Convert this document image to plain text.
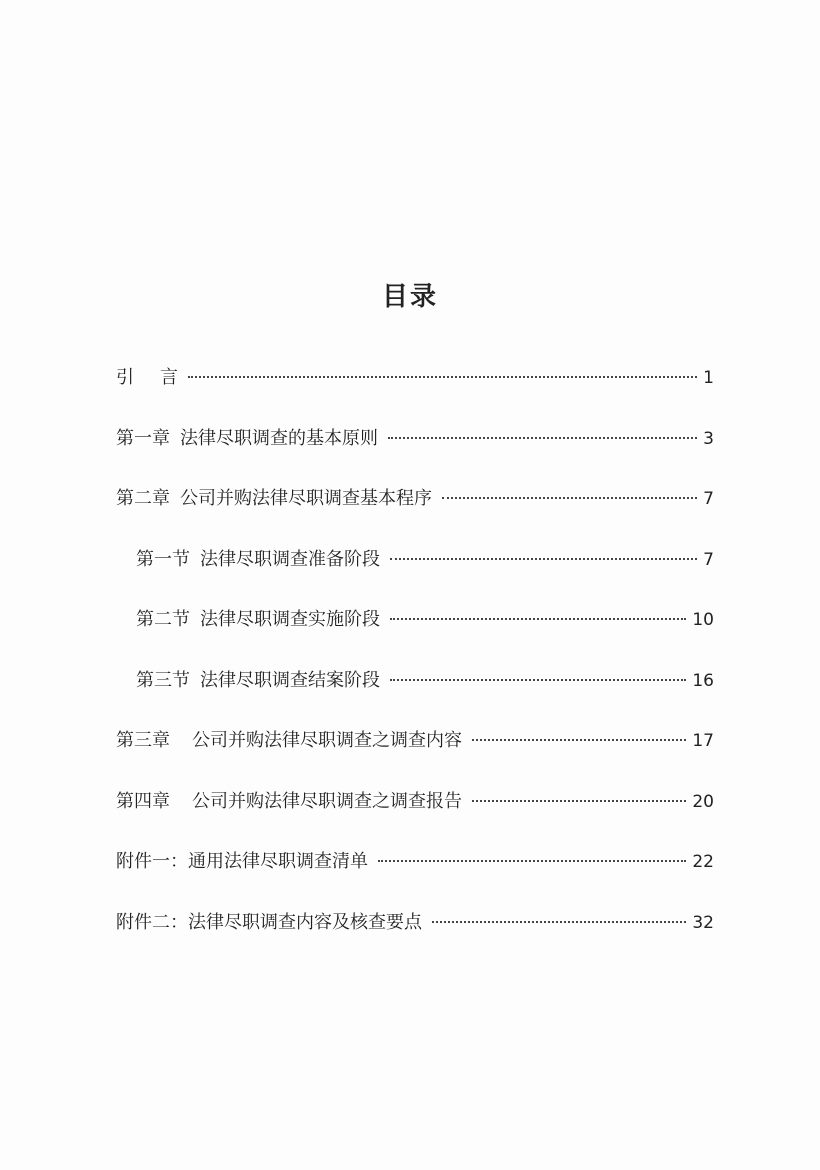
目录
引 言	1
第一章 法律尽职调查的基本原则	3
第二章 公司并购法律尽职调查基本程序	7
第一节 法律尽职调查准备阶段	7
第二节 法律尽职调查实施阶段	10
第三节 法律尽职调查结案阶段	16
第三章 公司并购法律尽职调查之调查内容	17
第四章 公司并购法律尽职调查之调查报告	20
附件一：通用法律尽职调查清单	22
附件二：法律尽职调查内容及核查要点	32
